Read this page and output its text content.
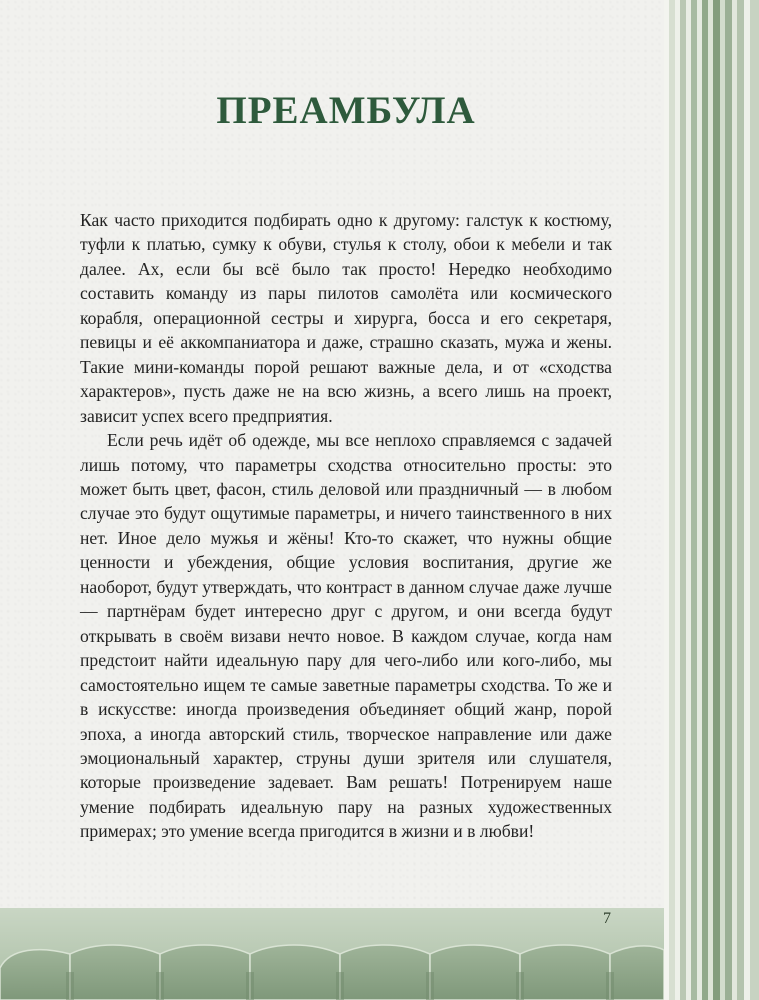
ПРЕАМБУЛА

Как часто приходится подбирать одно к другому: галстук к костюму, туфли к платью, сумку к обуви, стулья к столу, обои к мебели и так далее. Ах, если бы всё было так просто! Нередко необходимо составить команду из пары пилотов самолёта или космического корабля, операционной сестры и хирурга, босса и его секретаря, певицы и её аккомпаниатора и даже, страшно сказать, мужа и жены. Такие мини-команды порой решают важные дела, и от «сходства характеров», пусть даже не на всю жизнь, а всего лишь на проект, зависит успех всего предприятия.

Если речь идёт об одежде, мы все неплохо справляемся с задачей лишь потому, что параметры сходства относительно просты: это может быть цвет, фасон, стиль деловой или праздничный — в любом случае это будут ощутимые параметры, и ничего таинственного в них нет. Иное дело мужья и жёны! Кто-то скажет, что нужны общие ценности и убеждения, общие условия воспитания, другие же наоборот, будут утверждать, что контраст в данном случае даже лучше — партнёрам будет интересно друг с другом, и они всегда будут открывать в своём визави нечто новое. В каждом случае, когда нам предстоит найти идеальную пару для чего-либо или кого-либо, мы самостоятельно ищем те самые заветные параметры сходства. То же и в искусстве: иногда произведения объединяет общий жанр, порой эпоха, а иногда авторский стиль, творческое направление или даже эмоциональный характер, струны души зрителя или слушателя, которые произведение задевает. Вам решать! Потренируем наше умение подбирать идеальную пару на разных художественных примерах; это умение всегда пригодится в жизни и в любви!

7
